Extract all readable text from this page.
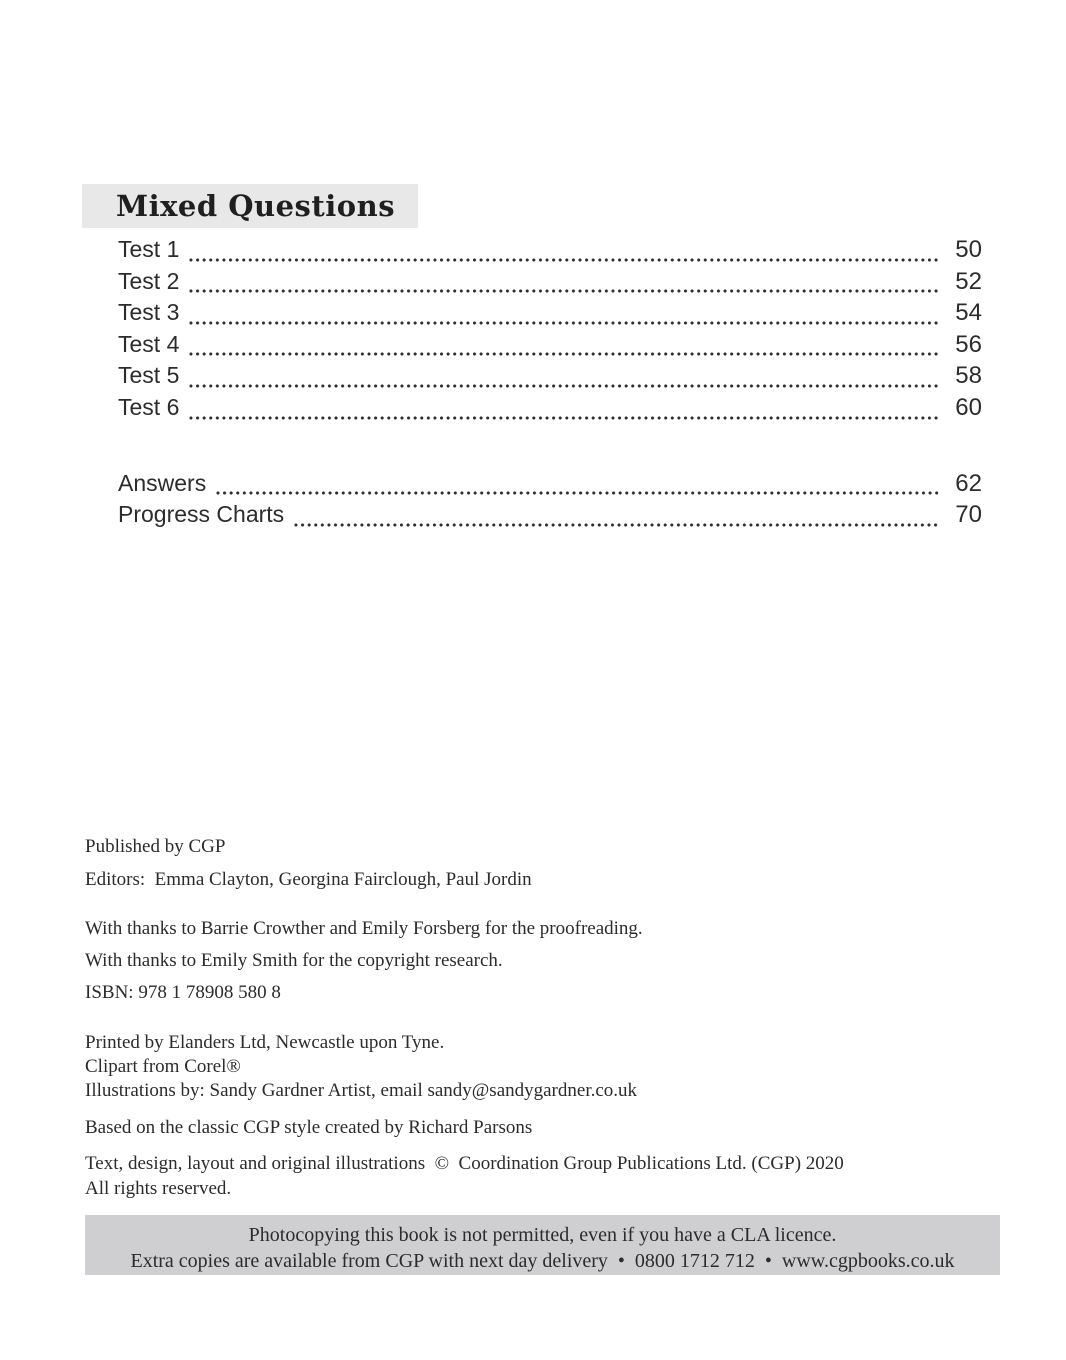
Mixed Questions
Test 1	50
Test 2	52
Test 3	54
Test 4	56
Test 5	58
Test 6	60
Answers	62
Progress Charts	70
Published by CGP
Editors:  Emma Clayton, Georgina Fairclough, Paul Jordin
With thanks to Barrie Crowther and Emily Forsberg for the proofreading.
With thanks to Emily Smith for the copyright research.
ISBN: 978 1 78908 580 8
Printed by Elanders Ltd, Newcastle upon Tyne.
Clipart from Corel®
Illustrations by: Sandy Gardner Artist, email sandy@sandygardner.co.uk
Based on the classic CGP style created by Richard Parsons
Text, design, layout and original illustrations  ©  Coordination Group Publications Ltd. (CGP) 2020
All rights reserved.
Photocopying this book is not permitted, even if you have a CLA licence.
Extra copies are available from CGP with next day delivery  •  0800 1712 712  •  www.cgpbooks.co.uk
